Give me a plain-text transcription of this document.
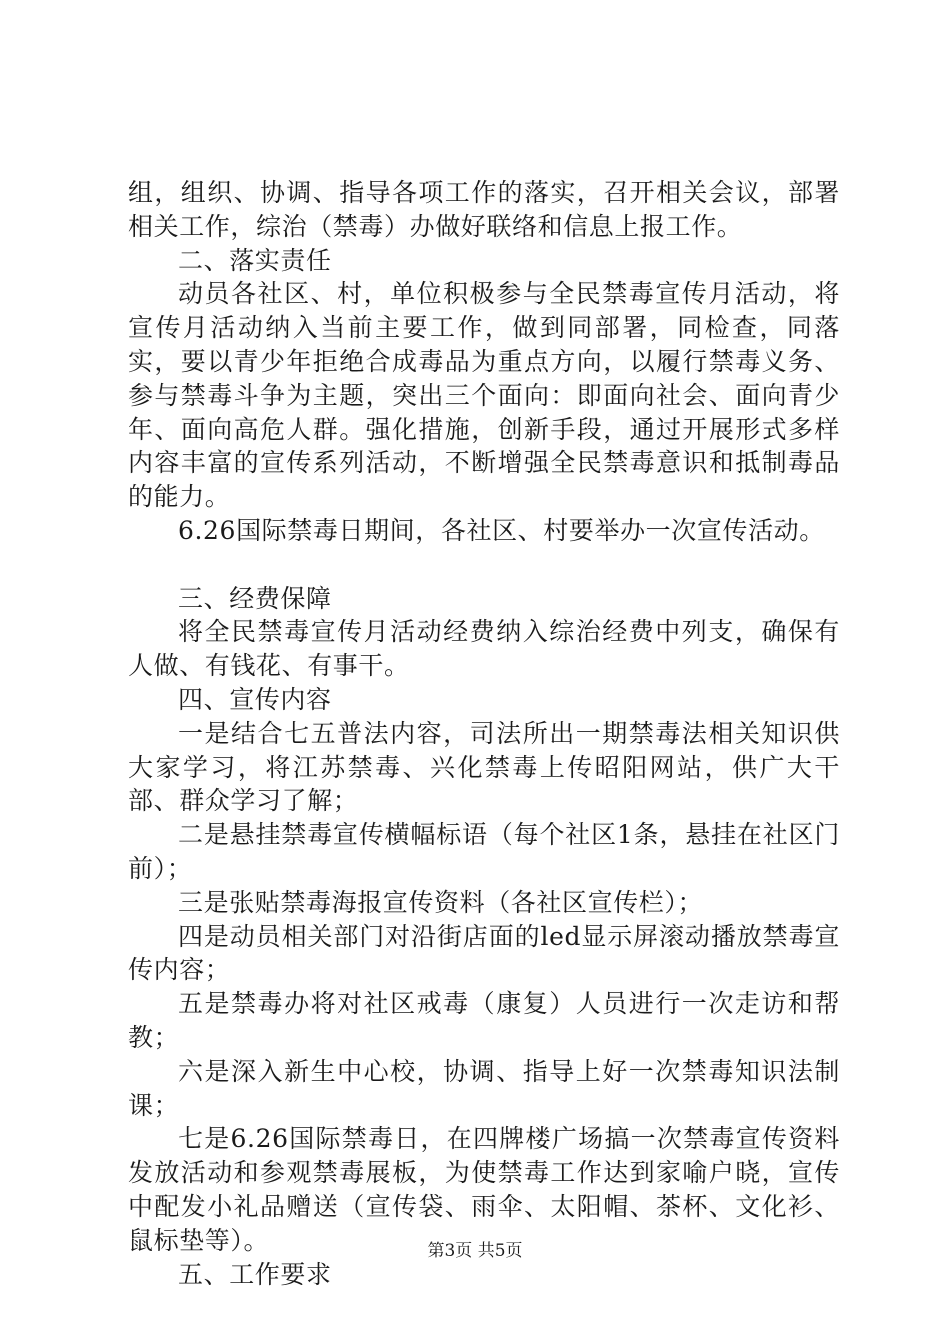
组，组织、协调、指导各项工作的落实，召开相关会议，部署相关工作，综治（禁毒）办做好联络和信息上报工作。

二、落实责任

动员各社区、村，单位积极参与全民禁毒宣传月活动，将宣传月活动纳入当前主要工作，做到同部署，同检查，同落实，要以青少年拒绝合成毒品为重点方向，以履行禁毒义务、参与禁毒斗争为主题，突出三个面向：即面向社会、面向青少年、面向高危人群。强化措施，创新手段，通过开展形式多样内容丰富的宣传系列活动，不断增强全民禁毒意识和抵制毒品的能力。

6.26国际禁毒日期间，各社区、村要举办一次宣传活动。

三、经费保障

将全民禁毒宣传月活动经费纳入综治经费中列支，确保有人做、有钱花、有事干。

四、宣传内容

一是结合七五普法内容，司法所出一期禁毒法相关知识供大家学习，将江苏禁毒、兴化禁毒上传昭阳网站，供广大干部、群众学习了解；

二是悬挂禁毒宣传横幅标语（每个社区1条，悬挂在社区门前）；

三是张贴禁毒海报宣传资料（各社区宣传栏）；

四是动员相关部门对沿街店面的led显示屏滚动播放禁毒宣传内容；

五是禁毒办将对社区戒毒（康复）人员进行一次走访和帮教；

六是深入新生中心校，协调、指导上好一次禁毒知识法制课；

七是6.26国际禁毒日，在四牌楼广场搞一次禁毒宣传资料发放活动和参观禁毒展板，为使禁毒工作达到家喻户晓，宣传中配发小礼品赠送（宣传袋、雨伞、太阳帽、茶杯、文化衫、鼠标垫等）。

五、工作要求

第3页 共5页
